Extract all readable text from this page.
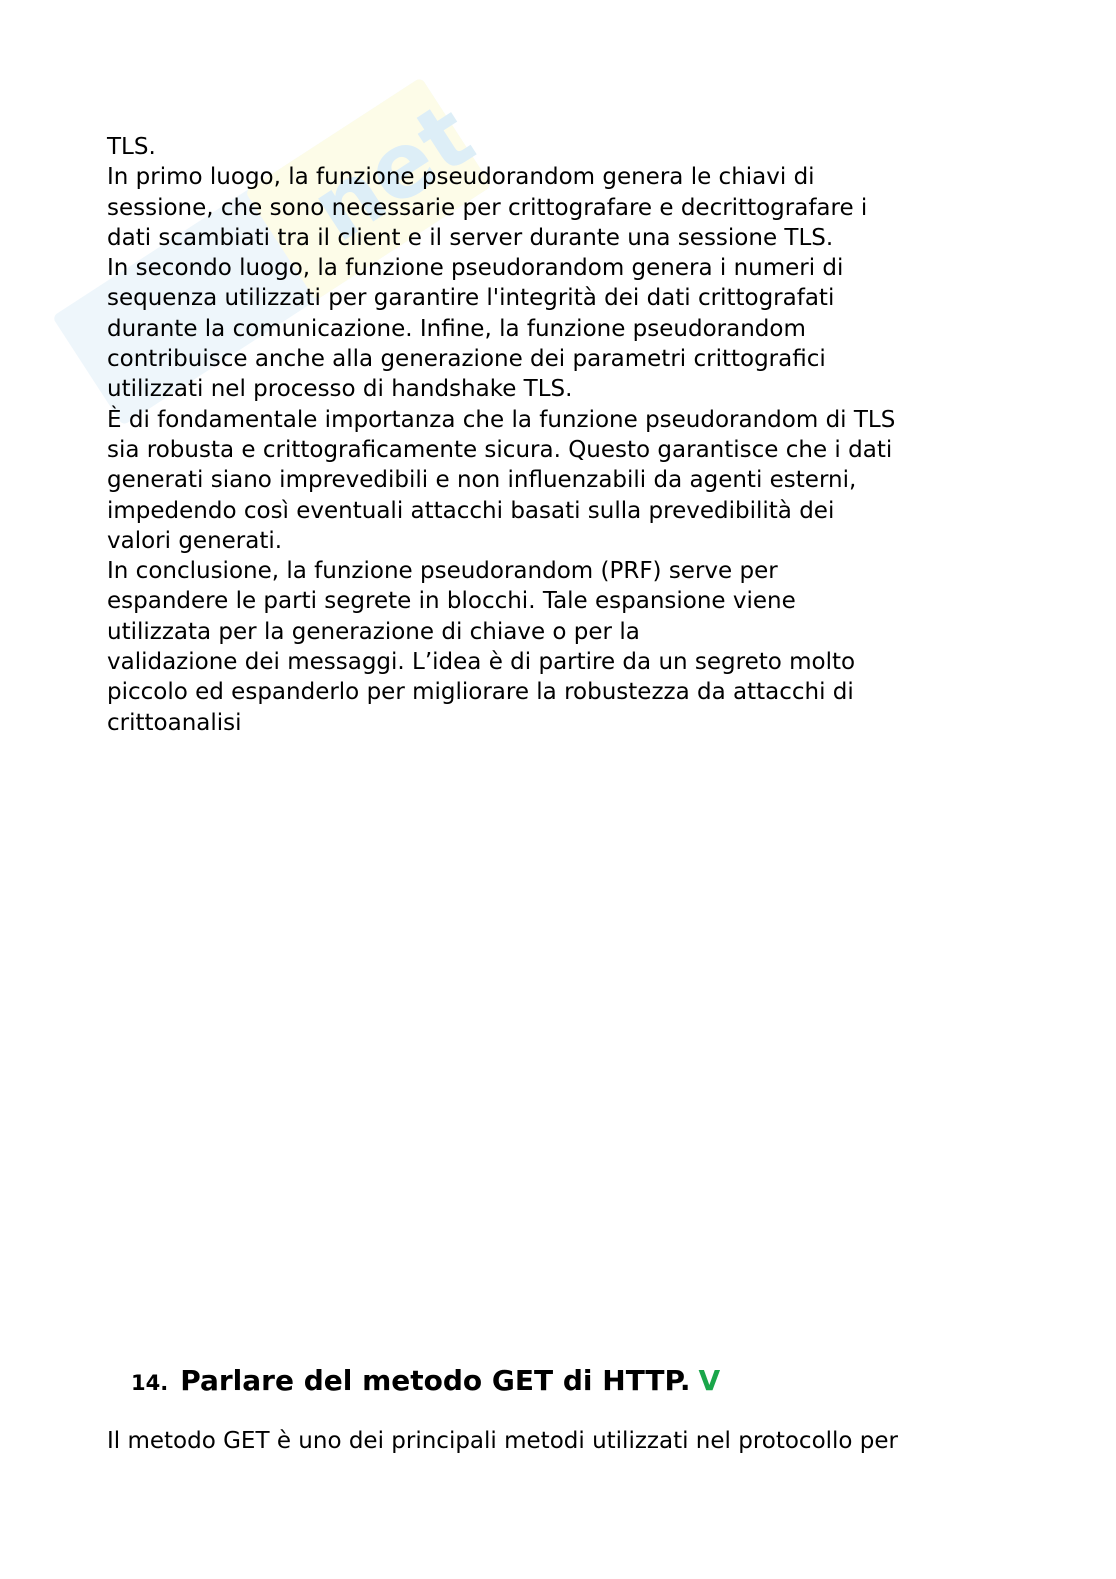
net
TLS.
In primo luogo, la funzione pseudorandom genera le chiavi di
sessione, che sono necessarie per crittografare e decrittografare i
dati scambiati tra il client e il server durante una sessione TLS.
In secondo luogo, la funzione pseudorandom genera i numeri di
sequenza utilizzati per garantire l'integrità dei dati crittografati
durante la comunicazione. Infine, la funzione pseudorandom
contribuisce anche alla generazione dei parametri crittografici
utilizzati nel processo di handshake TLS.
È di fondamentale importanza che la funzione pseudorandom di TLS
sia robusta e crittograficamente sicura. Questo garantisce che i dati
generati siano imprevedibili e non influenzabili da agenti esterni,
impedendo così eventuali attacchi basati sulla prevedibilità dei
valori generati.
In conclusione, la funzione pseudorandom (PRF) serve per
espandere le parti segrete in blocchi. Tale espansione viene
utilizzata per la generazione di chiave o per la
validazione dei messaggi. L’idea è di partire da un segreto molto
piccolo ed espanderlo per migliorare la robustezza da attacchi di
crittoanalisi
14. Parlare del metodo GET di HTTP. V
Il metodo GET è uno dei principali metodi utilizzati nel protocollo per
